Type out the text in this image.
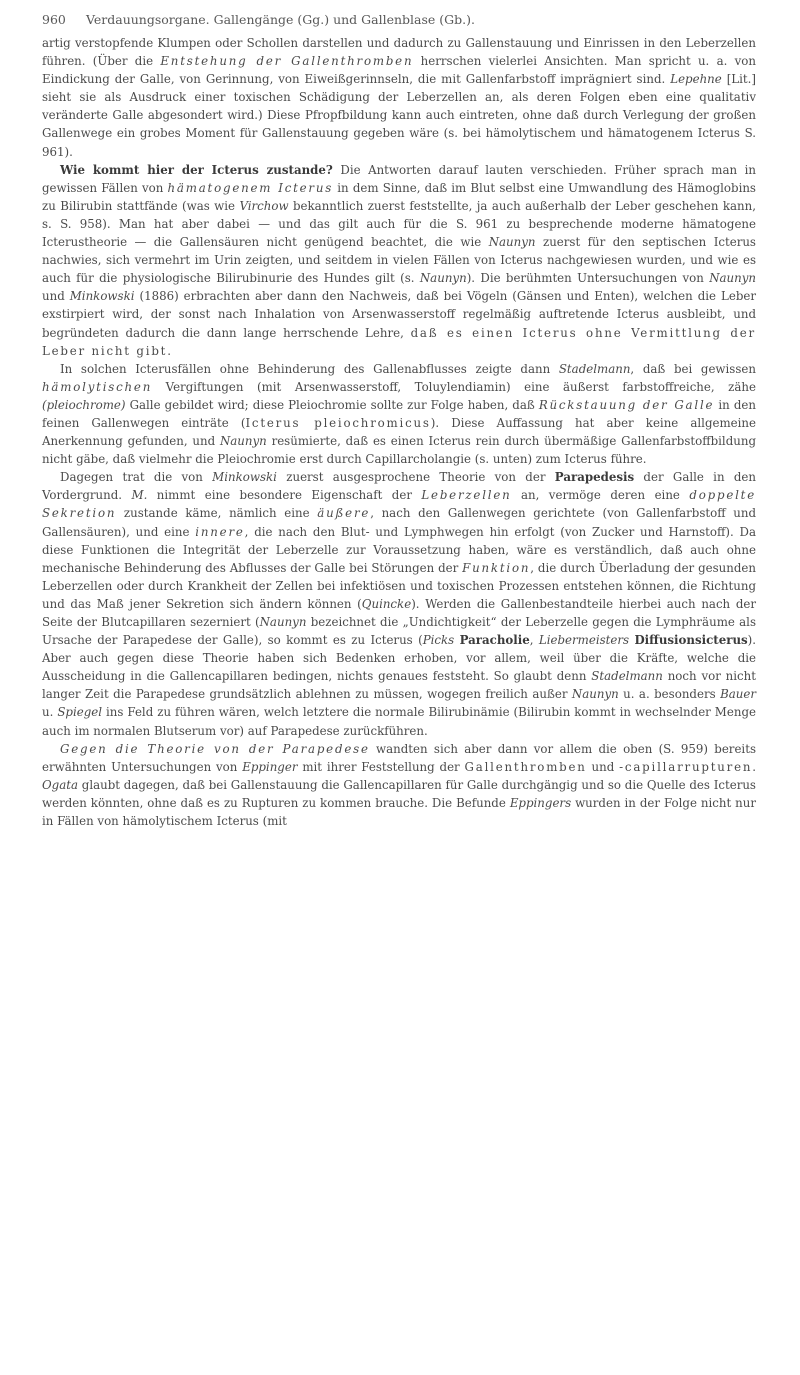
960 Verdauungsorgane. Gallengänge (Gg.) und Gallenblase (Gb.).

artig verstopfende Klumpen oder Schollen darstellen und dadurch zu Gallenstauung und Einrissen in den Leberzellen führen. (Über die Entstehung der Gallenthromben herrschen vielerlei Ansichten. Man spricht u. a. von Eindickung der Galle, von Gerinnung, von Eiweißgerinnseln, die mit Gallenfarbstoff imprägniert sind. Lepehne [Lit.] sieht sie als Ausdruck einer toxischen Schädigung der Leberzellen an, als deren Folgen eben eine qualitativ veränderte Galle abgesondert wird.) Diese Pfropfbildung kann auch eintreten, ohne daß durch Verlegung der großen Gallenwege ein grobes Moment für Gallenstauung gegeben wäre (s. bei hämolytischem und hämatogenem Icterus S. 961).

Wie kommt hier der Icterus zustande? Die Antworten darauf lauten verschieden. Früher sprach man in gewissen Fällen von hämatogenem Icterus in dem Sinne, daß im Blut selbst eine Umwandlung des Hämoglobins zu Bilirubin stattfände (was wie Virchow bekanntlich zuerst feststellte, ja auch außerhalb der Leber geschehen kann, s. S. 958). Man hat aber dabei — und das gilt auch für die S. 961 zu besprechende moderne hämatogene Icterustheorie — die Gallensäuren nicht genügend beachtet, die wie Naunyn zuerst für den septischen Icterus nachwies, sich vermehrt im Urin zeigten, und seitdem in vielen Fällen von Icterus nachgewiesen wurden, und wie es auch für die physiologische Bilirubinurie des Hundes gilt (s. Naunyn). Die berühmten Untersuchungen von Naunyn und Minkowski (1886) erbrachten aber dann den Nachweis, daß bei Vögeln (Gänsen und Enten), welchen die Leber exstirpiert wird, der sonst nach Inhalation von Arsenwasserstoff regelmäßig auftretende Icterus ausbleibt, und begründeten dadurch die dann lange herrschende Lehre, daß es einen Icterus ohne Vermittlung der Leber nicht gibt.

In solchen Icterusfällen ohne Behinderung des Gallenabflusses zeigte dann Stadelmann, daß bei gewissen hämolytischen Vergiftungen (mit Arsenwasserstoff, Toluylendiamin) eine äußerst farbstoffreiche, zähe (pleiochrome) Galle gebildet wird; diese Pleiochromie sollte zur Folge haben, daß Rückstauung der Galle in den feinen Gallenwegen einträte (Icterus pleiochromicus). Diese Auffassung hat aber keine allgemeine Anerkennung gefunden, und Naunyn resümierte, daß es einen Icterus rein durch übermäßige Gallenfarbstoffbildung nicht gäbe, daß vielmehr die Pleiochromie erst durch Capillarcholangie (s. unten) zum Icterus führe.

Dagegen trat die von Minkowski zuerst ausgesprochene Theorie von der Parapedesis der Galle in den Vordergrund. M. nimmt eine besondere Eigenschaft der Leberzellen an, vermöge deren eine doppelte Sekretion zustande käme, nämlich eine äußere, nach den Gallenwegen gerichtete (von Gallenfarbstoff und Gallensäuren), und eine innere, die nach den Blut- und Lymphwegen hin erfolgt (von Zucker und Harnstoff). Da diese Funktionen die Integrität der Leberzelle zur Voraussetzung haben, wäre es verständlich, daß auch ohne mechanische Behinderung des Abflusses der Galle bei Störungen der Funktion, die durch Überladung der gesunden Leberzellen oder durch Krankheit der Zellen bei infektiösen und toxischen Prozessen entstehen können, die Richtung und das Maß jener Sekretion sich ändern können (Quincke). Werden die Gallenbestandteile hierbei auch nach der Seite der Blutcapillaren sezerniert (Naunyn bezeichnet die „Undichtigkeit“ der Leberzelle gegen die Lymphräume als Ursache der Parapedese der Galle), so kommt es zu Icterus (Picks Paracholie, Liebermeisters Diffusionsicterus). Aber auch gegen diese Theorie haben sich Bedenken erhoben, vor allem, weil über die Kräfte, welche die Ausscheidung in die Gallencapillaren bedingen, nichts genaues feststeht. So glaubt denn Stadelmann noch vor nicht langer Zeit die Parapedese grundsätzlich ablehnen zu müssen, wogegen freilich außer Naunyn u. a. besonders Bauer u. Spiegel ins Feld zu führen wären, welch letztere die normale Bilirubinämie (Bilirubin kommt in wechselnder Menge auch im normalen Blutserum vor) auf Parapedese zurückführen.

Gegen die Theorie von der Parapedese wandten sich aber dann vor allem die oben (S. 959) bereits erwähnten Untersuchungen von Eppinger mit ihrer Feststellung der Gallenthromben und -capillarrupturen. Ogata glaubt dagegen, daß bei Gallenstauung die Gallencapillaren für Galle durchgängig und so die Quelle des Icterus werden könnten, ohne daß es zu Rupturen zu kommen brauche. Die Befunde Eppingers wurden in der Folge nicht nur in Fällen von hämolytischem Icterus (mit
